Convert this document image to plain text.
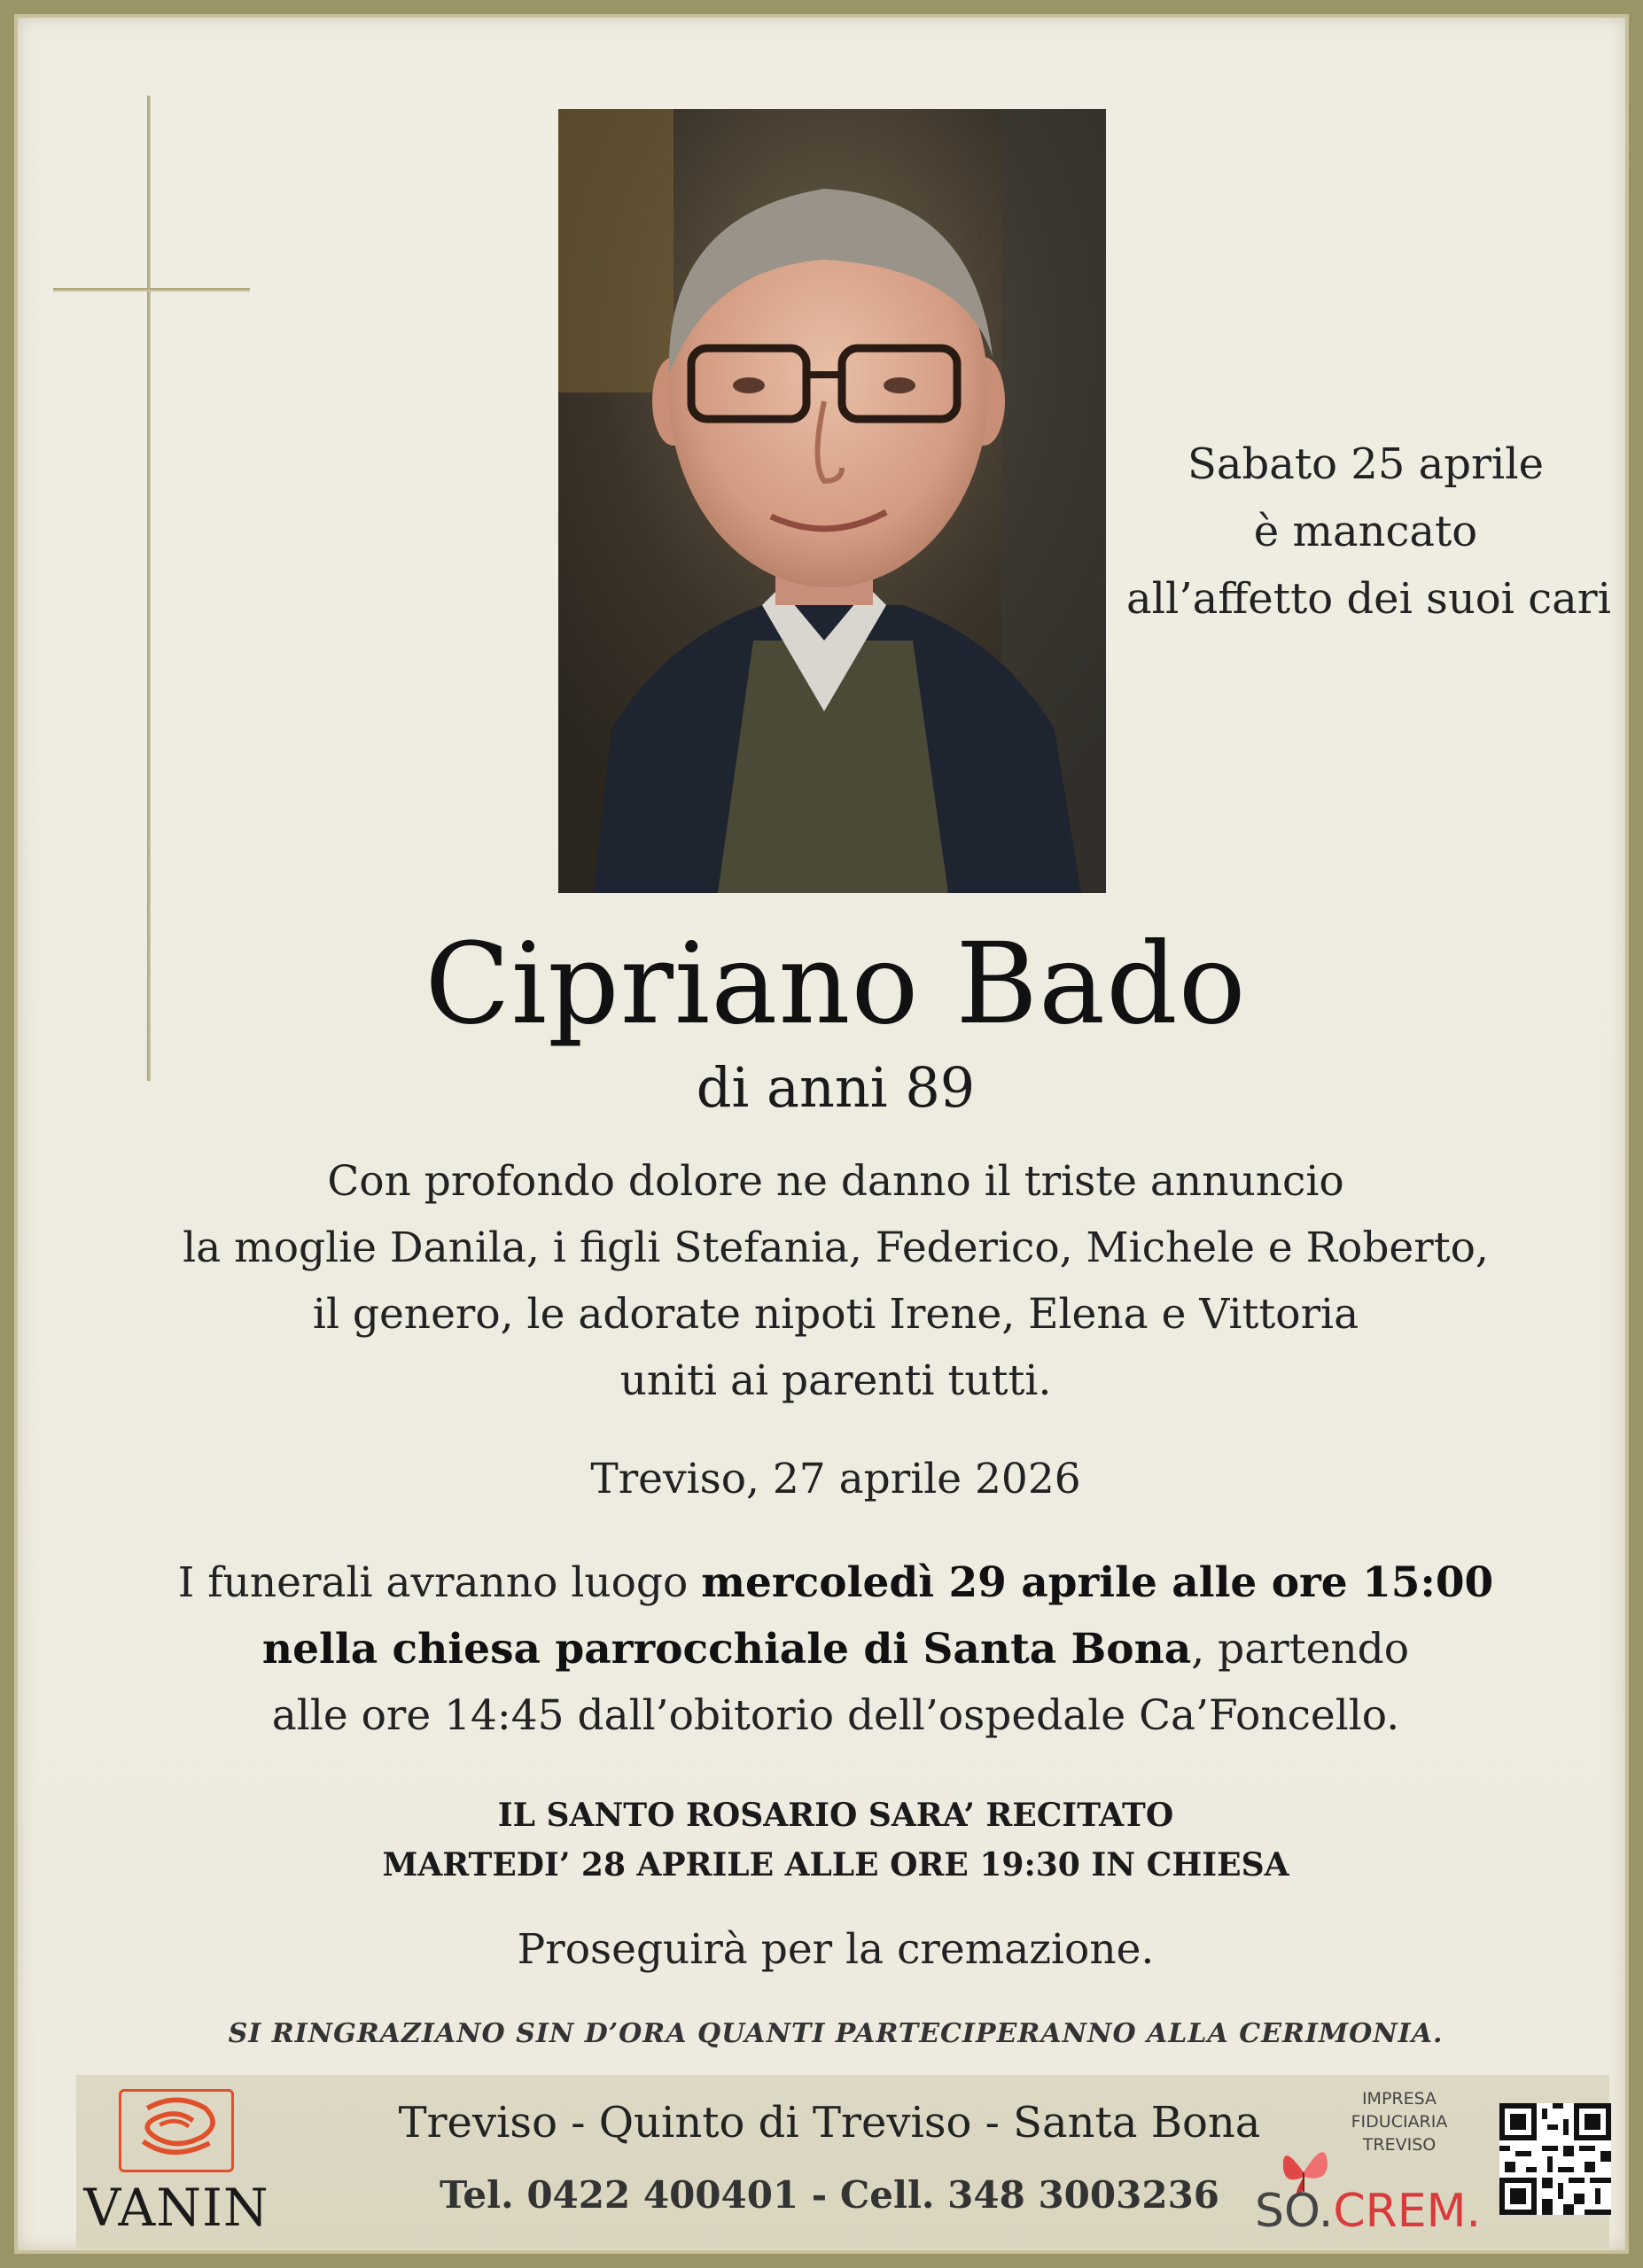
Sabato 25 aprile
è mancato
all’affetto dei suoi cari
Cipriano Bado
di anni 89
Con profondo dolore ne danno il triste annuncio
la moglie Danila, i figli Stefania, Federico, Michele e Roberto,
il genero, le adorate nipoti Irene, Elena e Vittoria
uniti ai parenti tutti.
Treviso, 27 aprile 2026
I funerali avranno luogo mercoledì 29 aprile alle ore 15:00
nella chiesa parrocchiale di Santa Bona, partendo
alle ore 14:45 dall’obitorio dell’ospedale Ca’Foncello.
IL SANTO ROSARIO SARA’ RECITATO
MARTEDI’ 28 APRILE ALLE ORE 19:30 IN CHIESA
Proseguirà per la cremazione.
SI RINGRAZIANO SIN D’ORA QUANTI PARTECIPERANNO ALLA CERIMONIA.
VANIN
Treviso - Quinto di Treviso - Santa Bona
Tel. 0422 400401 - Cell. 348 3003236
IMPRESA
FIDUCIARIA
TREVISO
SO.CREM.
